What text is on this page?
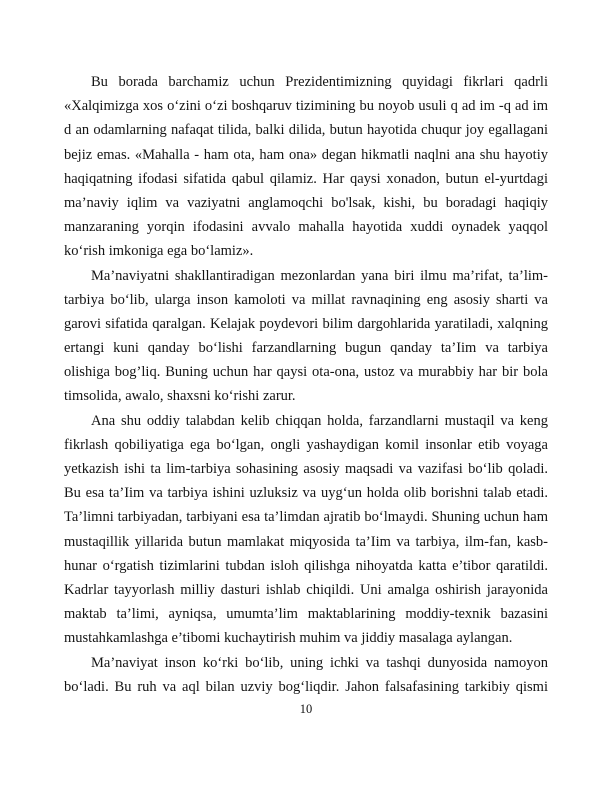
Bu borada barchamiz uchun Prezidentimizning quyidagi fikrlari qadrli
«Xalqimizga xos o‘zini o‘zi boshqaruv tizimining bu noyob usuli q ad im -q ad im
d an odamlarning nafaqat tilida, balki dilida, butun hayotida chuqur joy egallagani
bejiz emas. «Mahalla - ham ota, ham ona» degan hikmatli naqlni ana shu hayotiy
haqiqatning ifodasi sifatida qabul qilamiz. Har qaysi xonadon, butun el-yurtdagi
ma’naviy iqlim va vaziyatni anglamoqchi bo'lsak, kishi, bu boradagi haqiqiy
manzaraning yorqin ifodasini avvalo mahalla hayotida xuddi oynadek yaqqol
ko‘rish imkoniga ega bo‘lamiz».
Ma’naviyatni shakllantiradigan mezonlardan yana biri ilmu ma’rifat, ta’lim-
tarbiya bo‘lib, ularga inson kamoloti va millat ravnaqining eng asosiy sharti va
garovi sifatida qaralgan. Kelajak poydevori bilim dargohlarida yaratiladi, xalqning
ertangi kuni qanday bo‘lishi farzandlarning bugun qanday ta’Iim va tarbiya
olishiga bog’liq. Buning uchun har qaysi ota-ona, ustoz va murabbiy har bir bola
timsolida, awalo, shaxsni ko‘rishi zarur.
Ana shu oddiy talabdan kelib chiqqan holda, farzandlarni mustaqil va keng
fikrlash qobiliyatiga ega bo‘lgan, ongli yashaydigan komil insonlar etib voyaga
yetkazish ishi ta lim-tarbiya sohasining asosiy maqsadi va vazifasi bo‘lib qoladi.
Bu esa ta’Iim va tarbiya ishini uzluksiz va uyg‘un holda olib borishni talab etadi.
Ta’limni tarbiyadan, tarbiyani esa ta’limdan ajratib bo‘lmaydi. Shuning uchun ham
mustaqillik yillarida butun mamlakat miqyosida ta’Iim va tarbiya, ilm-fan, kasb-
hunar o‘rgatish tizimlarini tubdan isloh qilishga nihoyatda katta e’tibor qaratildi.
Kadrlar tayyorlash milliy dasturi ishlab chiqildi. Uni amalga oshirish jarayonida
maktab ta’limi, ayniqsa, umumta’lim maktablarining moddiy-texnik bazasini
mustahkamlashga e’tibomi kuchaytirish muhim va jiddiy masalaga aylangan.
Ma’naviyat inson ko‘rki bo‘lib, uning ichki va tashqi dunyosida namoyon
bo‘ladi. Bu ruh va aql bilan uzviy bog‘liqdir. Jahon falsafasining tarkibiy qismi
10
